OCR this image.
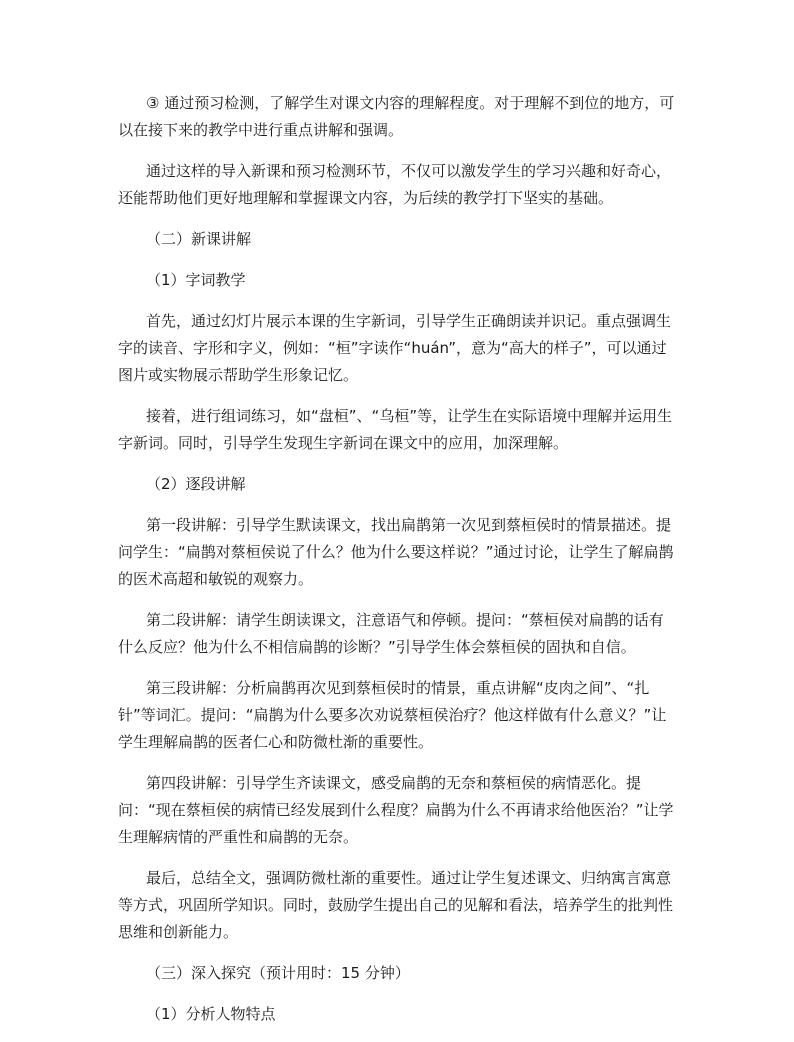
③ 通过预习检测，了解学生对课文内容的理解程度。对于理解不到位的地方，可以在接下来的教学中进行重点讲解和强调。

通过这样的导入新课和预习检测环节，不仅可以激发学生的学习兴趣和好奇心，还能帮助他们更好地理解和掌握课文内容，为后续的教学打下坚实的基础。

（二）新课讲解

（1）字词教学

首先，通过幻灯片展示本课的生字新词，引导学生正确朗读并识记。重点强调生字的读音、字形和字义，例如：“桓”字读作“huán”，意为“高大的样子”，可以通过图片或实物展示帮助学生形象记忆。

接着，进行组词练习，如“盘桓”、“乌桓”等，让学生在实际语境中理解并运用生字新词。同时，引导学生发现生字新词在课文中的应用，加深理解。

（2）逐段讲解

第一段讲解：引导学生默读课文，找出扁鹊第一次见到蔡桓侯时的情景描述。提问学生：“扁鹊对蔡桓侯说了什么？他为什么要这样说？”通过讨论，让学生了解扁鹊的医术高超和敏锐的观察力。

第二段讲解：请学生朗读课文，注意语气和停顿。提问：“蔡桓侯对扁鹊的话有什么反应？他为什么不相信扁鹊的诊断？”引导学生体会蔡桓侯的固执和自信。

第三段讲解：分析扁鹊再次见到蔡桓侯时的情景，重点讲解“皮肉之间”、“扎针”等词汇。提问：“扁鹊为什么要多次劝说蔡桓侯治疗？他这样做有什么意义？”让学生理解扁鹊的医者仁心和防微杜渐的重要性。

第四段讲解：引导学生齐读课文，感受扁鹊的无奈和蔡桓侯的病情恶化。提问：“现在蔡桓侯的病情已经发展到什么程度？扁鹊为什么不再请求给他医治？”让学生理解病情的严重性和扁鹊的无奈。

最后，总结全文，强调防微杜渐的重要性。通过让学生复述课文、归纳寓言寓意等方式，巩固所学知识。同时，鼓励学生提出自己的见解和看法，培养学生的批判性思维和创新能力。

（三）深入探究（预计用时：15 分钟）

（1）分析人物特点
